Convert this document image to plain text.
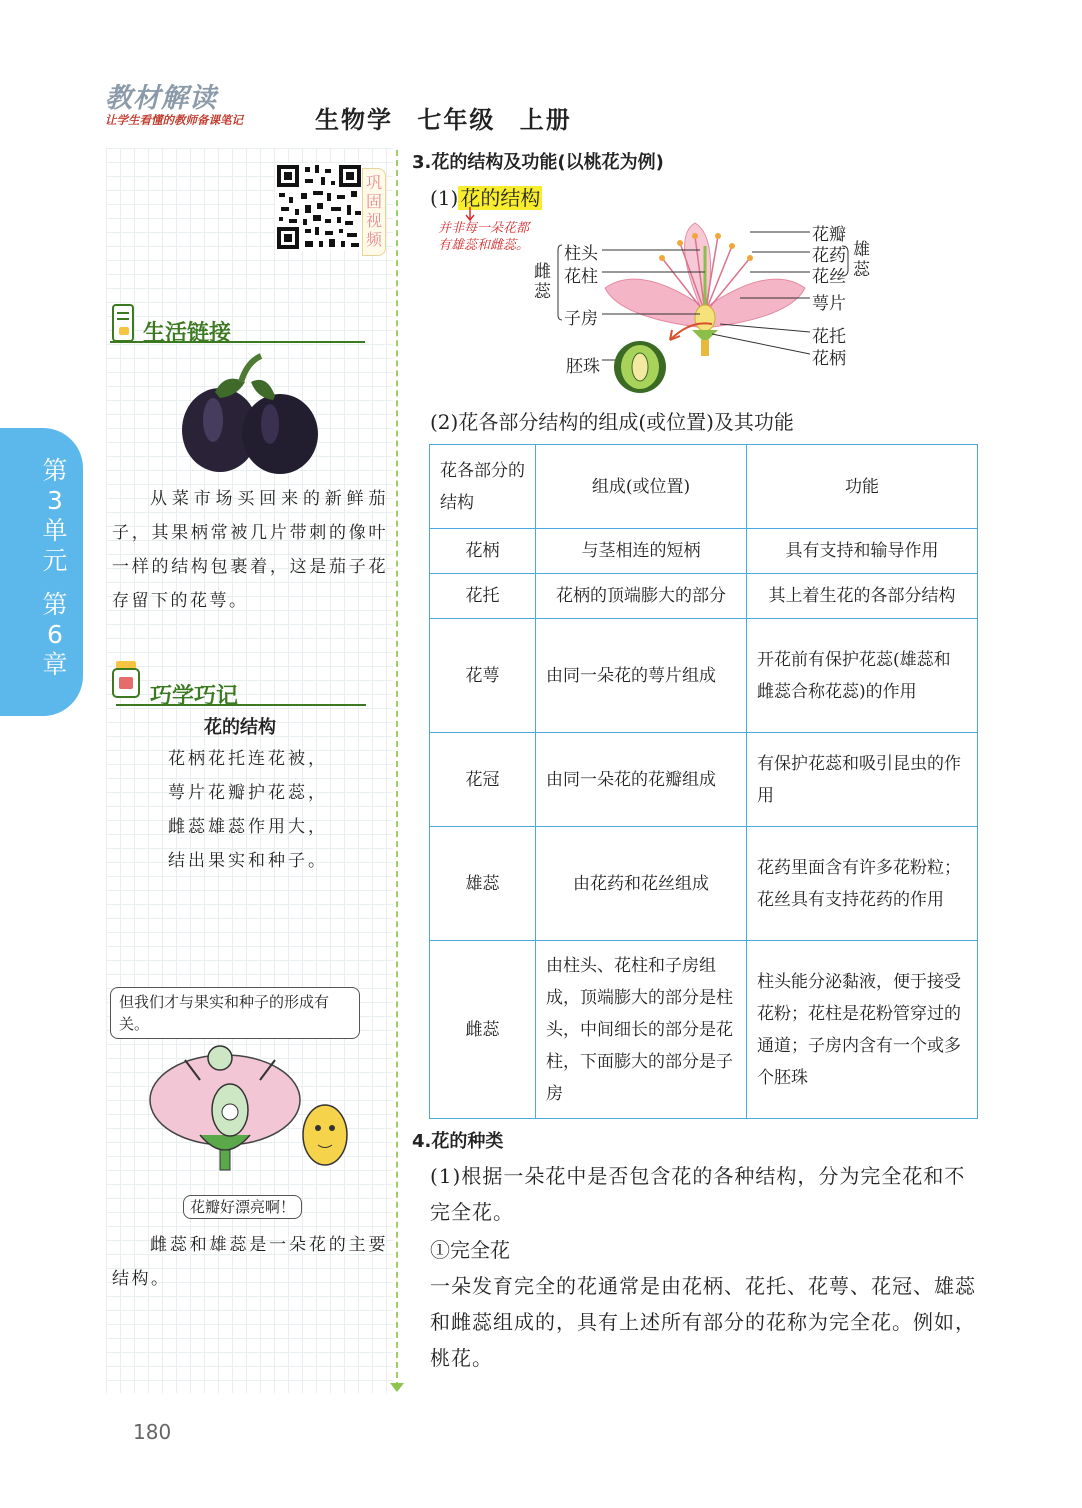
教材解读
让学生看懂的教师备课笔记	生物学 七年级 上册
第3单元
第6章
巩固视频
生活链接
从菜市场买回来的新鲜茄子，其果柄常被几片带刺的像叶一样的结构包裹着，这是茄子花存留下的花萼。
巧学巧记
花的结构
花柄花托连花被，
萼片花瓣护花蕊，
雌蕊雄蕊作用大，
结出果实和种子。
但我们才与果实和种子的形成有关。
花瓣好漂亮啊！
雌蕊和雄蕊是一朵花的主要结构。
3.花的结构及功能(以桃花为例)
(1) 花的结构
并非每一朵花都有雄蕊和雌蕊。
雌蕊
柱头
花柱
子房
胚珠
花瓣
花药
花丝
雄蕊
萼片
花托
花柄
(2)花各部分结构的组成(或位置)及其功能
花各部分的结构	组成(或位置)	功能
花柄	与茎相连的短柄	具有支持和输导作用
花托	花柄的顶端膨大的部分	其上着生花的各部分结构
花萼	由同一朵花的萼片组成	开花前有保护花蕊(雄蕊和雌蕊合称花蕊)的作用
花冠	由同一朵花的花瓣组成	有保护花蕊和吸引昆虫的作用
雄蕊	由花药和花丝组成	花药里面含有许多花粉粒；花丝具有支持花药的作用
雌蕊	由柱头、花柱和子房组成，顶端膨大的部分是柱头，中间细长的部分是花柱，下面膨大的部分是子房	柱头能分泌黏液，便于接受花粉；花柱是花粉管穿过的通道；子房内含有一个或多个胚珠
4.花的种类
(1)根据一朵花中是否包含花的各种结构，分为完全花和不完全花。
①完全花
一朵发育完全的花通常是由花柄、花托、花萼、花冠、雄蕊和雌蕊组成的，具有上述所有部分的花称为完全花。例如，桃花。
180
